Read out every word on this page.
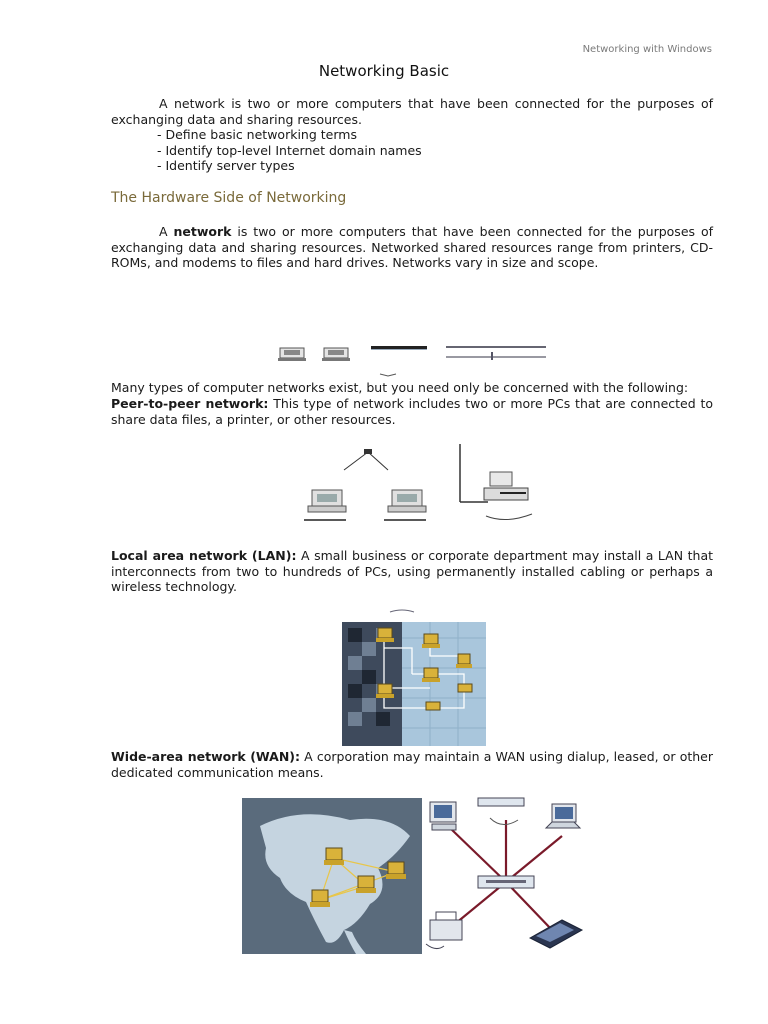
Networking with Windows
Networking Basic
A network is two or more computers that have been connected for the purposes of exchanging data and sharing resources.
- Define basic networking terms
- Identify top-level Internet domain names
- Identify server types
The Hardware Side of Networking
A network is two or more computers that have been connected for the purposes of exchanging data and sharing resources. Networked shared resources range from printers, CD-ROMs, and modems to files and hard drives. Networks vary in size and scope.
Many types of computer networks exist, but you need only be concerned with the following:
Peer-to-peer network: This type of network includes two or more PCs that are connected to share data files, a printer, or other resources.
Local area network (LAN): A small business or corporate department may install a LAN that interconnects from two to hundreds of PCs, using permanently installed cabling or perhaps a wireless technology.
Wide-area network (WAN): A corporation may maintain a WAN using dialup, leased, or other dedicated communication means.
